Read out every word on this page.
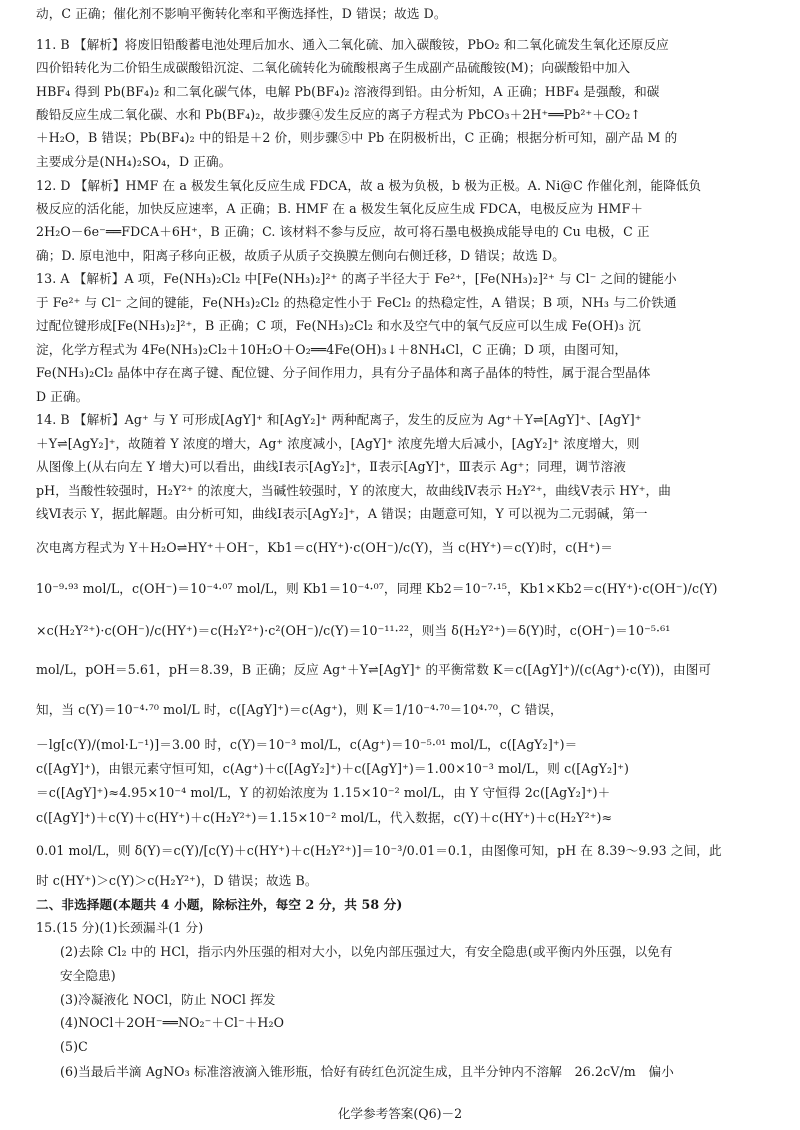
动，C 正确；催化剂不影响平衡转化率和平衡选择性，D 错误；故选 D。

11. B 【解析】将废旧铅酸蓄电池处理后加水、通入二氧化硫、加入碳酸铵，PbO₂ 和二氧化硫发生氧化还原反应

四价铅转化为二价铅生成碳酸铅沉淀、二氧化硫转化为硫酸根离子生成副产品硫酸铵(M)；向碳酸铅中加入

HBF₄ 得到 Pb(BF₄)₂ 和二氧化碳气体，电解 Pb(BF₄)₂ 溶液得到铅。由分析知，A 正确；HBF₄ 是强酸，和碳

酸铅反应生成二氧化碳、水和 Pb(BF₄)₂，故步骤④发生反应的离子方程式为 PbCO₃＋2H⁺══Pb²⁺＋CO₂↑

＋H₂O，B 错误；Pb(BF₄)₂ 中的铅是＋2 价，则步骤⑤中 Pb 在阴极析出，C 正确；根据分析可知，副产品 M 的

主要成分是(NH₄)₂SO₄，D 正确。

12. D 【解析】HMF 在 a 极发生氧化反应生成 FDCA，故 a 极为负极，b 极为正极。A. Ni@C 作催化剂，能降低负

极反应的活化能，加快反应速率，A 正确；B. HMF 在 a 极发生氧化反应生成 FDCA，电极反应为 HMF＋

2H₂O－6e⁻══FDCA＋6H⁺，B 正确；C. 该材料不参与反应，故可将石墨电极换成能导电的 Cu 电极，C 正

确；D. 原电池中，阳离子移向正极，故质子从质子交换膜左侧向右侧迁移，D 错误；故选 D。

13. A 【解析】A 项，Fe(NH₃)₂Cl₂ 中[Fe(NH₃)₂]²⁺ 的离子半径大于 Fe²⁺，[Fe(NH₃)₂]²⁺ 与 Cl⁻ 之间的键能小

于 Fe²⁺ 与 Cl⁻ 之间的键能，Fe(NH₃)₂Cl₂ 的热稳定性小于 FeCl₂ 的热稳定性，A 错误；B 项，NH₃ 与二价铁通

过配位键形成[Fe(NH₃)₂]²⁺，B 正确；C 项，Fe(NH₃)₂Cl₂ 和水及空气中的氧气反应可以生成 Fe(OH)₃ 沉

淀，化学方程式为 4Fe(NH₃)₂Cl₂＋10H₂O＋O₂══4Fe(OH)₃↓＋8NH₄Cl，C 正确；D 项，由图可知，

Fe(NH₃)₂Cl₂ 晶体中存在离子键、配位键、分子间作用力，具有分子晶体和离子晶体的特性，属于混合型晶体

D 正确。

14. B 【解析】Ag⁺ 与 Y 可形成[AgY]⁺ 和[AgY₂]⁺ 两种配离子，发生的反应为 Ag⁺＋Y⇌[AgY]⁺、[AgY]⁺

＋Y⇌[AgY₂]⁺，故随着 Y 浓度的增大，Ag⁺ 浓度减小，[AgY]⁺ 浓度先增大后减小，[AgY₂]⁺ 浓度增大，则

从图像上(从右向左 Y 增大)可以看出，曲线Ⅰ表示[AgY₂]⁺，Ⅱ表示[AgY]⁺，Ⅲ表示 Ag⁺；同理，调节溶液

pH，当酸性较强时，H₂Y²⁺ 的浓度大，当碱性较强时，Y 的浓度大，故曲线Ⅳ表示 H₂Y²⁺，曲线Ⅴ表示 HY⁺，曲

线Ⅵ表示 Y，据此解题。由分析可知，曲线Ⅰ表示[AgY₂]⁺，A 错误；由题意可知，Y 可以视为二元弱碱，第一

次电离方程式为 Y＋H₂O⇌HY⁺＋OH⁻，Kb1＝c(HY⁺)·c(OH⁻)/c(Y)，当 c(HY⁺)＝c(Y)时，c(H⁺)＝

10⁻⁹·⁹³ mol/L，c(OH⁻)＝10⁻⁴·⁰⁷ mol/L，则 Kb1＝10⁻⁴·⁰⁷，同理 Kb2＝10⁻⁷·¹⁵，Kb1×Kb2＝c(HY⁺)·c(OH⁻)/c(Y)

×c(H₂Y²⁺)·c(OH⁻)/c(HY⁺)＝c(H₂Y²⁺)·c²(OH⁻)/c(Y)＝10⁻¹¹·²²，则当 δ(H₂Y²⁺)＝δ(Y)时，c(OH⁻)＝10⁻⁵·⁶¹

mol/L，pOH＝5.61，pH＝8.39，B 正确；反应 Ag⁺＋Y⇌[AgY]⁺ 的平衡常数 K＝c([AgY]⁺)/(c(Ag⁺)·c(Y))，由图可

知，当 c(Y)＝10⁻⁴·⁷⁰ mol/L 时，c([AgY]⁺)＝c(Ag⁺)，则 K＝1/10⁻⁴·⁷⁰＝10⁴·⁷⁰，C 错误，

－lg[c(Y)/(mol·L⁻¹)]＝3.00 时，c(Y)＝10⁻³ mol/L，c(Ag⁺)＝10⁻⁵·⁰¹ mol/L，c([AgY₂]⁺)＝

c([AgY]⁺)，由银元素守恒可知，c(Ag⁺)＋c([AgY₂]⁺)＋c([AgY]⁺)＝1.00×10⁻³ mol/L，则 c([AgY₂]⁺)

＝c([AgY]⁺)≈4.95×10⁻⁴ mol/L，Y 的初始浓度为 1.15×10⁻² mol/L，由 Y 守恒得 2c([AgY₂]⁺)＋

c([AgY]⁺)＋c(Y)＋c(HY⁺)＋c(H₂Y²⁺)＝1.15×10⁻² mol/L，代入数据，c(Y)＋c(HY⁺)＋c(H₂Y²⁺)≈

0.01 mol/L，则 δ(Y)＝c(Y)/[c(Y)＋c(HY⁺)＋c(H₂Y²⁺)]＝10⁻³/0.01＝0.1，由图像可知，pH 在 8.39～9.93 之间，此

时 c(HY⁺)＞c(Y)＞c(H₂Y²⁺)，D 错误；故选 B。

二、非选择题(本题共 4 小题，除标注外，每空 2 分，共 58 分)

15.(15 分)(1)长颈漏斗(1 分)

(2)去除 Cl₂ 中的 HCl，指示内外压强的相对大小，以免内部压强过大，有安全隐患(或平衡内外压强，以免有

安全隐患)

(3)冷凝液化 NOCl，防止 NOCl 挥发

(4)NOCl＋2OH⁻══NO₂⁻＋Cl⁻＋H₂O

(5)C

(6)当最后半滴 AgNO₃ 标准溶液滴入锥形瓶，恰好有砖红色沉淀生成，且半分钟内不溶解　26.2cV/m　偏小

化学参考答案(Q6)－2
